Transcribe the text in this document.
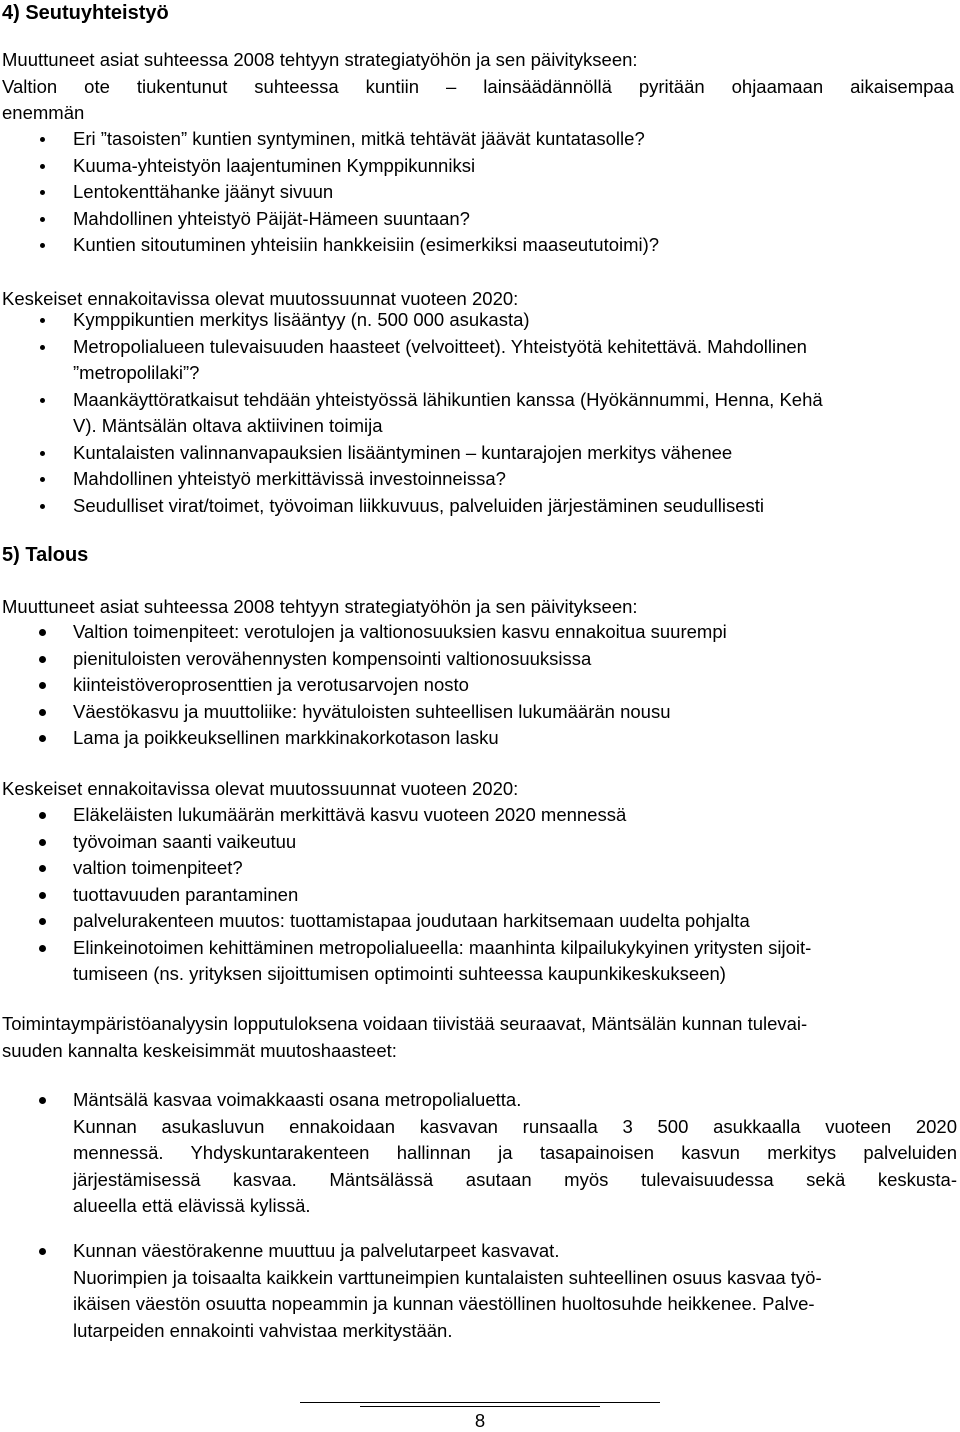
4) Seutuyhteistyö
Muuttuneet asiat suhteessa 2008 tehtyyn strategiatyöhön ja sen päivitykseen:
Valtion ote tiukentunut suhteessa kuntiin – lainsäädännöllä pyritään ohjaamaan aikaisempaa
enemmän
Eri ”tasoisten” kuntien syntyminen, mitkä tehtävät jäävät kuntatasolle?
Kuuma-yhteistyön laajentuminen Kymppikunniksi
Lentokenttähanke jäänyt sivuun
Mahdollinen yhteistyö Päijät-Hämeen suuntaan?
Kuntien sitoutuminen yhteisiin hankkeisiin (esimerkiksi maaseututoimi)?
Keskeiset ennakoitavissa olevat muutossuunnat vuoteen 2020:
Kymppikuntien merkitys lisääntyy (n. 500 000 asukasta)
Metropolialueen tulevaisuuden haasteet (velvoitteet). Yhteistyötä kehitettävä. Mahdollinen
”metropolilaki”?
Maankäyttöratkaisut tehdään yhteistyössä lähikuntien kanssa (Hyökännummi, Henna, Kehä
V). Mäntsälän oltava aktiivinen toimija
Kuntalaisten valinnanvapauksien lisääntyminen – kuntarajojen merkitys vähenee
Mahdollinen yhteistyö merkittävissä investoinneissa?
Seudulliset virat/toimet, työvoiman liikkuvuus, palveluiden järjestäminen seudullisesti
5) Talous
Muuttuneet asiat suhteessa 2008 tehtyyn strategiatyöhön ja sen päivitykseen:
Valtion toimenpiteet: verotulojen ja valtionosuuksien kasvu ennakoitua suurempi
pienituloisten verovähennysten kompensointi valtionosuuksissa
kiinteistöveroprosenttien ja verotusarvojen nosto
Väestökasvu ja muuttoliike: hyvätuloisten suhteellisen lukumäärän nousu
Lama ja poikkeuksellinen markkinakorkotason lasku
Keskeiset ennakoitavissa olevat muutossuunnat vuoteen 2020:
Eläkeläisten lukumäärän merkittävä kasvu vuoteen 2020 mennessä
työvoiman saanti vaikeutuu
valtion toimenpiteet?
tuottavuuden parantaminen
palvelurakenteen muutos: tuottamistapaa joudutaan harkitsemaan uudelta pohjalta
Elinkeinotoimen kehittäminen metropolialueella: maanhinta kilpailukykyinen yritysten sijoit-
tumiseen (ns. yrityksen sijoittumisen optimointi suhteessa kaupunkikeskukseen)
Toimintaympäristöanalyysin lopputuloksena voidaan tiivistää seuraavat, Mäntsälän kunnan tulevai-
suuden kannalta keskeisimmät muutoshaasteet:
Mäntsälä kasvaa voimakkaasti osana metropolialuetta.
Kunnan asukasluvun ennakoidaan kasvavan runsaalla 3 500 asukkaalla vuoteen 2020
mennessä. Yhdyskuntarakenteen hallinnan ja tasapainoisen kasvun merkitys palveluiden
järjestämisessä kasvaa. Mäntsälässä asutaan myös tulevaisuudessa sekä keskusta-
alueella että elävissä kylissä.
Kunnan väestörakenne muuttuu ja palvelutarpeet kasvavat.
Nuorimpien ja toisaalta kaikkein varttuneimpien kuntalaisten suhteellinen osuus kasvaa työ-
ikäisen väestön osuutta nopeammin ja kunnan väestöllinen huoltosuhde heikkenee. Palve-
lutarpeiden ennakointi vahvistaa merkitystään.
8
